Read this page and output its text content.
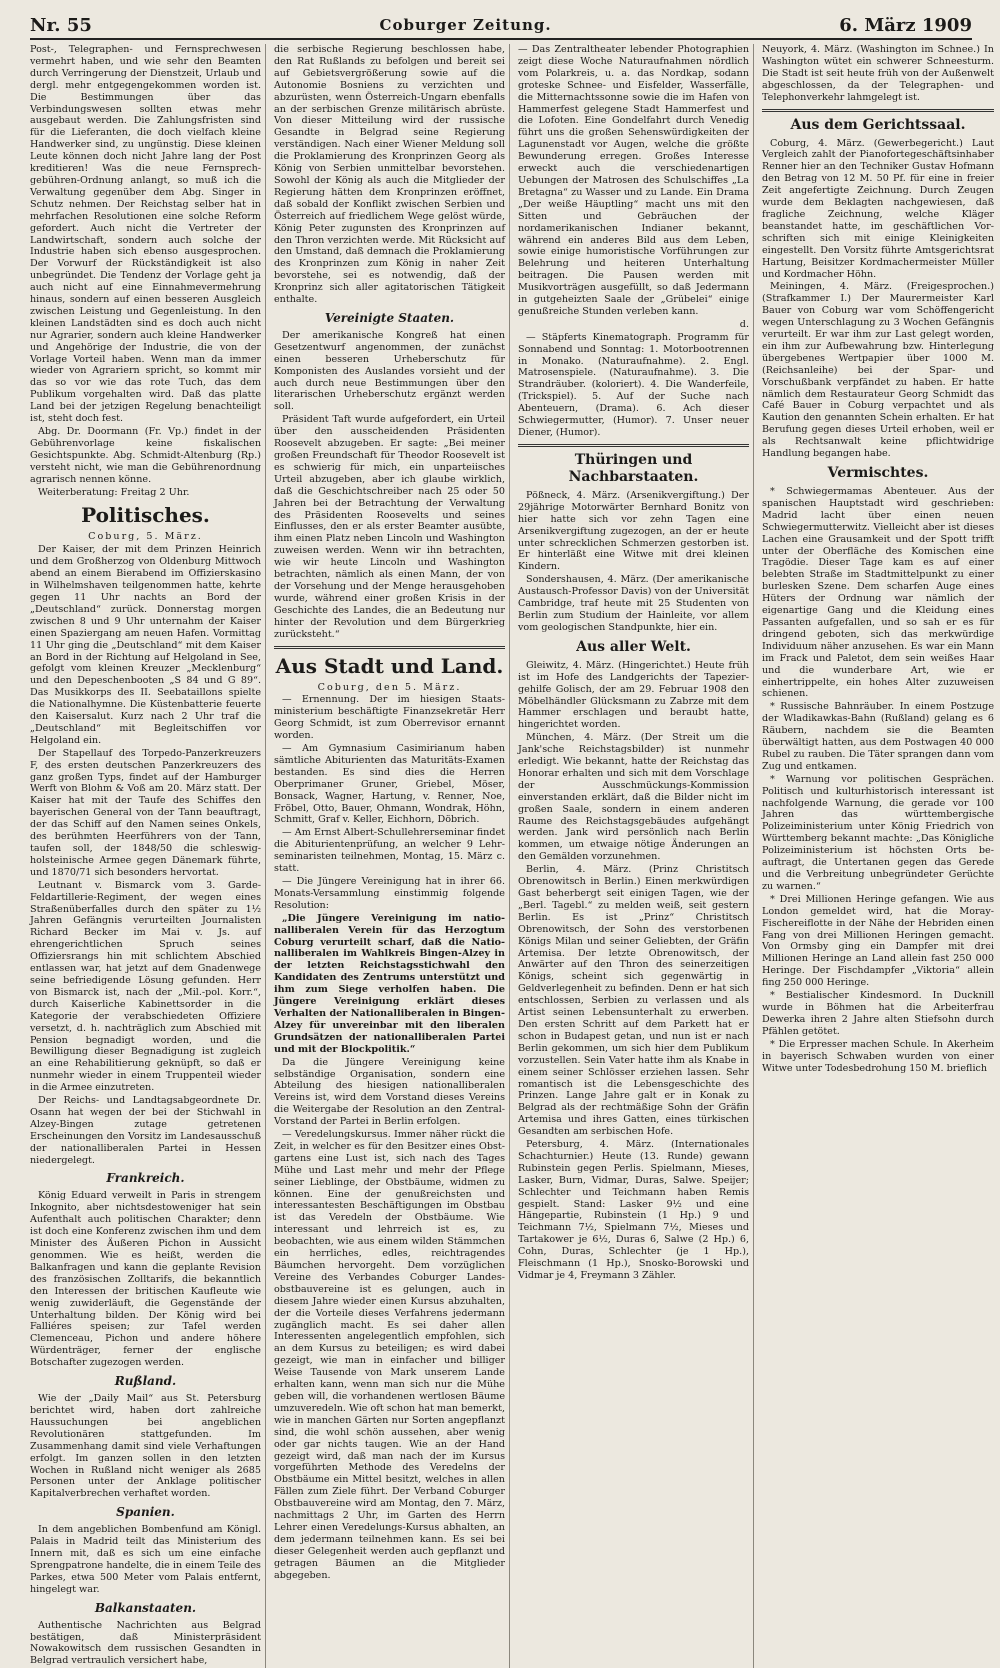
Nr. 55	Coburger Zeitung.	6. März 1909

Post-, Telegraphen- und Fernsprechwesen vermehrt haben, und wie sehr den Beamten durch Verringerung der Dienstzeit, Urlaub und dergl. mehr entgegengekommen worden ist. Die Bestimmungen über das Verbindungswesen sollten etwas mehr ausgebaut werden. Die Zahlungsfristen sind für die Lieferanten, die doch vielfach kleine Handwerker sind, zu ungünstig. Diese kleinen Leute können doch nicht Jahre lang der Post kreditieren! Was die neue Fernsprechgebühren-Ordnung anlangt, so muß ich die Verwaltung gegenüber dem Abg. Singer in Schutz nehmen. Der Reichstag selber hat in mehrfachen Resolutionen eine solche Reform gefordert. Auch nicht die Vertreter der Landwirtschaft, sondern auch solche der Industrie haben sich ebenso ausgesprochen. Der Vorwurf der Rückständigkeit ist also unbegründet. Die Tendenz der Vorlage geht ja auch nicht auf eine Einnahmevermehrung hinaus, sondern auf einen besseren Ausgleich zwischen Leistung und Gegenleistung. In den kleinen Landstädten sind es doch auch nicht nur Agrarier, sondern auch kleine Handwerker und Angehörige der Industrie, die von der Vorlage Vorteil haben. Wenn man da immer wieder von Agrariern spricht, so kommt mir das so vor wie das rote Tuch, das dem Publikum vorgehalten wird. Daß das platte Land bei der jetzigen Regelung benachteiligt ist, steht doch fest.

Abg. Dr. Doormann (Fr. Vp.) findet in der Gebührenvorlage keine fiskalischen Gesichtspunkte. Abg. Schmidt-Altenburg (Rp.) versteht nicht, wie man die Gebührenordnung agrarisch nennen könne.

Weiterberatung: Freitag 2 Uhr.

Politisches.
Coburg, 5. März.

Der Kaiser, der mit dem Prinzen Heinrich und dem Großherzog von Oldenburg Mittwoch abend an einem Bierabend im Offizierskasino in Wilhelmshaven teilgenommen hatte, kehrte gegen 11 Uhr nachts an Bord der „Deutschland“ zurück. Donnerstag morgen zwischen 8 und 9 Uhr unternahm der Kaiser einen Spaziergang am neuen Hafen. Vormittag 11 Uhr ging die „Deutschland“ mit dem Kaiser an Bord in der Richtung auf Helgoland in See, gefolgt vom kleinen Kreuzer „Mecklenburg“ und den Depeschenbooten „S 84 und G 89“. Das Musikkorps des II. Seebataillons spielte die Nationalhymne. Die Küstenbatterie feuerte den Kaisersalut. Kurz nach 2 Uhr traf die „Deutschland“ mit Begleitschiffen vor Helgoland ein.

Der Stapellauf des Torpedo-Panzerkreuzers F, des ersten deutschen Panzerkreuzers des ganz großen Typs, findet auf der Hamburger Werft von Blohm & Voß am 20. März statt. Der Kaiser hat mit der Taufe des Schiffes den bayerischen General von der Tann beauftragt, der das Schiff auf den Namen seines Onkels, des berühmten Heerführers von der Tann, taufen soll, der 1848/50 die schleswig-holsteinische Armee gegen Dänemark führte, und 1870/71 sich besonders hervortat.

Leutnant v. Bismarck vom 3. Garde-Feldartillerie-Regiment, der wegen eines Straßenüberfalles durch den später zu 1½ Jahren Gefängnis verurteilten Journalisten Richard Becker im Mai v. Js. auf ehrengerichtlichen Spruch seines Offiziersrangs hin mit schlichtem Abschied entlassen war, hat jetzt auf dem Gnadenwege seine befriedigende Lösung gefunden. Herr von Bismarck ist, nach der „Mil.-pol. Korr.“, durch Kaiserliche Kabinettsorder in die Kategorie der verabschiedeten Offiziere versetzt, d. h. nachträglich zum Abschied mit Pension begnadigt worden, und die Bewilligung dieser Begnadigung ist zugleich an eine Rehabilitierung geknüpft, so daß er nunmehr wieder in einem Truppenteil wieder in die Armee einzutreten.

Der Reichs- und Landtagsabgeordnete Dr. Osann hat wegen der bei der Stichwahl in Alzey-Bingen zutage getretenen Erscheinungen den Vorsitz im Landesausschuß der nationalliberalen Partei in Hessen niedergelegt.

Frankreich.

König Eduard verweilt in Paris in strengem Inkognito, aber nichtsdestoweniger hat sein Aufenthalt auch politischen Charakter; denn ist doch eine Konferenz zwischen ihm und dem Minister des Äußeren Pichon in Aussicht genommen. Wie es heißt, werden die Balkanfragen und kann die geplante Revision des französischen Zolltarifs, die bekanntlich den Interessen der britischen Kaufleute wie wenig zuwiderläuft, die Gegenstände der Unterhaltung bilden. Der König wird bei Falliéres speisen; zur Tafel werden Clemenceau, Pichon und andere höhere Würdenträger, ferner der englische Botschafter zugezogen werden.

Rußland.

Wie der „Daily Mail“ aus St. Petersburg berichtet wird, haben dort zahlreiche Haussuchungen bei angeblichen Revolutionären stattgefunden. Im Zusammenhang damit sind viele Verhaftungen erfolgt. Im ganzen sollen in den letzten Wochen in Rußland nicht weniger als 2685 Personen unter der Anklage politischer Kapitalverbrechen verhaftet worden.

Spanien.

In dem angeblichen Bombenfund am Königl. Palais in Madrid teilt das Ministerium des Innern mit, daß es sich um eine einfache Sprengpatrone handelte, die in einem Teile des Parkes, etwa 500 Meter vom Palais entfernt, hingelegt war.

Balkanstaaten.

Authentische Nachrichten aus Belgrad bestätigen, daß Ministerpräsident Nowakowitsch dem russischen Gesandten in Belgrad vertraulich versichert habe,

die serbische Regierung beschlossen habe, den Rat Rußlands zu befolgen und bereit sei auf Gebietsvergrößerung sowie auf die Autonomie Bosniens zu verzichten und abzurüsten, wenn Österreich-Ungarn ebenfalls an der serbischen Grenze militärisch abrüste. Von dieser Mitteilung wird der russische Gesandte in Belgrad seine Regierung verständigen. Nach einer Wiener Meldung soll die Proklamierung des Kronprinzen Georg als König von Serbien unmittelbar bevorstehen. Sowohl der König als auch die Mitglieder der Regierung hätten dem Kronprinzen eröffnet, daß sobald der Konflikt zwischen Serbien und Österreich auf friedlichem Wege gelöst würde, König Peter zugunsten des Kronprinzen auf den Thron verzichten werde. Mit Rücksicht auf den Umstand, daß demnach die Proklamierung des Kronprinzen zum König in naher Zeit bevorstehe, sei es notwendig, daß der Kronprinz sich aller agitatorischen Tätigkeit enthalte.

Vereinigte Staaten.

Der amerikanische Kongreß hat einen Gesetzentwurf angenommen, der zunächst einen besseren Urheberschutz für Komponisten des Auslandes vorsieht und der auch durch neue Bestimmungen über den literarischen Urheberschutz ergänzt werden soll.

Präsident Taft wurde aufgefordert, ein Urteil über den ausscheidenden Präsidenten Roosevelt abzugeben. Er sagte: „Bei meiner großen Freundschaft für Theodor Roosevelt ist es schwierig für mich, ein unparteiisches Urteil abzugeben, aber ich glaube wirklich, daß die Geschichtschreiber nach 25 oder 50 Jahren bei der Betrachtung der Verwaltung des Präsidenten Roosevelts und seines Einflusses, den er als erster Beamter ausübte, ihm einen Platz neben Lincoln und Washington zuweisen werden. Wenn wir ihn betrachten, wie wir heute Lincoln und Washington betrachten, nämlich als einen Mann, der von der Vorsehung und der Menge herausgehoben wurde, während einer großen Krisis in der Geschichte des Landes, die an Bedeutung nur hinter der Revolution und dem Bürgerkrieg zurücksteht.“

Aus Stadt und Land.
Coburg, den 5. März.

— Ernennung. Der im hiesigen Staatsministerium beschäftigte Finanzsekretär Herr Georg Schmidt, ist zum Oberrevisor ernannt worden.

— Am Gymnasium Casimirianum haben sämtliche Abiturienten das Maturitäts-Examen bestanden. Es sind dies die Herren Oberprimaner Gruner, Griebel, Möser, Bonsack, Wagner, Hartung, v. Renner, Noe, Fröbel, Otto, Bauer, Ohmann, Wondrak, Höhn, Schmitt, Graf v. Keller, Eichhorn, Döbrich.

— Am Ernst Albert-Schullehrerseminar findet die Abiturientenprüfung, an welcher 9 Lehrseminaristen teilnehmen, Montag, 15. März c. statt.

— Die Jüngere Vereinigung hat in ihrer 66. Monats-Versammlung einstimmig folgende Resolution:

„Die Jüngere Vereinigung im nationalliberalen Verein für das Herzogtum Coburg verurteilt scharf, daß die Nationalliberalen im Wahlkreis Bingen-Alzey in der letzten Reichstagsstichwahl den Kandidaten des Zentrums unterstützt und ihm zum Siege verholfen haben. Die Jüngere Vereinigung erklärt dieses Verhalten der Nationalliberalen in Bingen-Alzey für unvereinbar mit den liberalen Grundsätzen der nationalliberalen Partei und mit der Blockpolitik.“

Da die Jüngere Vereinigung keine selbständige Organisation, sondern eine Abteilung des hiesigen nationalliberalen Vereins ist, wird dem Vorstand dieses Vereins die Weitergabe der Resolution an den Zentral-Vorstand der Partei in Berlin erfolgen.

— Veredelungskursus. Immer näher rückt die Zeit, in welcher es für den Besitzer eines Obstgartens eine Lust ist, sich nach des Tages Mühe und Last mehr und mehr der Pflege seiner Lieblinge, der Obstbäume, widmen zu können. Eine der genußreichsten und interessantesten Beschäftigungen im Obstbau ist das Veredeln der Obstbäume. Wie interessant und lehrreich ist es, zu beobachten, wie aus einem wilden Stämmchen ein herrliches, edles, reichtragendes Bäumchen hervorgeht. Dem vorzüglichen Vereine des Verbandes Coburger Landesobstbauvereine ist es gelungen, auch in diesem Jahre wieder einen Kursus abzuhalten, der die Vorteile dieses Verfahrens jedermann zugänglich macht. Es sei daher allen Interessenten angelegentlich empfohlen, sich an dem Kursus zu beteiligen; es wird dabei gezeigt, wie man in einfacher und billiger Weise Tausende von Mark unserem Lande erhalten kann, wenn man sich nur die Mühe geben will, die vorhandenen wertlosen Bäume umzuveredeln. Wie oft schon hat man bemerkt, wie in manchen Gärten nur Sorten angepflanzt sind, die wohl schön aussehen, aber wenig oder gar nichts taugen. Wie an der Hand gezeigt wird, daß man nach der im Kursus vorgeführten Methode des Veredelns der Obstbäume ein Mittel besitzt, welches in allen Fällen zum Ziele führt. Der Verband Coburger Obstbauvereine wird am Montag, den 7. März, nachmittags 2 Uhr, im Garten des Herrn Lehrer einen Veredelungs-Kursus abhalten, an dem jedermann teilnehmen kann. Es sei bei dieser Gelegenheit werden auch gepflanzt und getragen Bäumen an die Mitglieder abgegeben.

— Das Zentraltheater lebender Photographien zeigt diese Woche Naturaufnahmen nördlich vom Polarkreis, u. a. das Nordkap, sodann groteske Schnee- und Eisfelder, Wasserfälle, die Mitternachtssonne sowie die im Hafen von Hammerfest gelegene Stadt Hammerfest und die Lofoten. Eine Gondelfahrt durch Venedig führt uns die großen Sehenswürdigkeiten der Lagunenstadt vor Augen, welche die größte Bewunderung erregen. Großes Interesse erweckt auch die verschiedenartigen Uebungen der Matrosen des Schulschiffes „La Bretagna“ zu Wasser und zu Lande. Ein Drama „Der weiße Häuptling“ macht uns mit den Sitten und Gebräuchen der nordamerikanischen Indianer bekannt, während ein anderes Bild aus dem Leben, sowie einige humoristische Vorführungen zur Belehrung und heiteren Unterhaltung beitragen. Die Pausen werden mit Musikvorträgen ausgefüllt, so daß Jedermann in gutgeheizten Saale der „Grübelei“ einige genußreiche Stunden verleben kann.

d.

— Stäpferts Kinematograph. Programm für Sonnabend und Sonntag: 1. Motorbootrennen in Monako. (Naturaufnahme). 2. Engl. Matrosenspiele. (Naturaufnahme). 3. Die Strandräuber. (koloriert). 4. Die Wanderfeile, (Trickspiel). 5. Auf der Suche nach Abenteuern, (Drama). 6. Ach dieser Schwiegermutter, (Humor). 7. Unser neuer Diener, (Humor).

Thüringen und Nachbarstaaten.

Pößneck, 4. März. (Arsenikvergiftung.) Der 29jährige Motorwärter Bernhard Bonitz von hier hatte sich vor zehn Tagen eine Arsenikvergiftung zugezogen, an der er heute unter schrecklichen Schmerzen gestorben ist. Er hinterläßt eine Witwe mit drei kleinen Kindern.

Sondershausen, 4. März. (Der amerikanische Austausch-Professor Davis) von der Universität Cambridge, traf heute mit 25 Studenten von Berlin zum Studium der Hainleite, vor allem vom geologischen Standpunkte, hier ein.

Aus aller Welt.

Gleiwitz, 4. März. (Hingerichtet.) Heute früh ist im Hofe des Landgerichts der Tapeziergehilfe Golisch, der am 29. Februar 1908 den Möbelhändler Glücksmann zu Zabrze mit dem Hammer erschlagen und beraubt hatte, hingerichtet worden.

München, 4. März. (Der Streit um die Jank'sche Reichstagsbilder) ist nunmehr erledigt. Wie bekannt, hatte der Reichstag das Honorar erhalten und sich mit dem Vorschlage der Ausschmückungs-Kommission einverstanden erklärt, daß die Bilder nicht im großen Saale, sondern in einem anderen Raume des Reichstagsgebäudes aufgehängt werden. Jank wird persönlich nach Berlin kommen, um etwaige nötige Änderungen an den Gemälden vorzunehmen.

Berlin, 4. März. (Prinz Christitsch Obrenowitsch in Berlin.) Einen merkwürdigen Gast beherbergt seit einigen Tagen, wie der „Berl. Tagebl.“ zu melden weiß, seit gestern Berlin. Es ist „Prinz“ Christitsch Obrenowitsch, der Sohn des verstorbenen Königs Milan und seiner Geliebten, der Gräfin Artemisa. Der letzte Obrenowitsch, der Anwärter auf den Thron des seinerzeitigen Königs, scheint sich gegenwärtig in Geldverlegenheit zu befinden. Denn er hat sich entschlossen, Serbien zu verlassen und als Artist seinen Lebensunterhalt zu erwerben. Den ersten Schritt auf dem Parkett hat er schon in Budapest getan, und nun ist er nach Berlin gekommen, um sich hier dem Publikum vorzustellen. Sein Vater hatte ihm als Knabe in einem seiner Schlösser erziehen lassen. Sehr romantisch ist die Lebensgeschichte des Prinzen. Lange Jahre galt er in Konak zu Belgrad als der rechtmäßige Sohn der Gräfin Artemisa und ihres Gatten, eines türkischen Gesandten am serbischen Hofe.

Petersburg, 4. März. (Internationales Schachturnier.) Heute (13. Runde) gewann Rubinstein gegen Perlis. Spielmann, Mieses, Lasker, Burn, Vidmar, Duras, Salwe. Speijer; Schlechter und Teichmann haben Remis gespielt. Stand: Lasker 9½ und eine Hängepartie, Rubinstein (1 Hp.) 9 und Teichmann 7½, Spielmann 7½, Mieses und Tartakower je 6½, Duras 6, Salwe (2 Hp.) 6, Cohn, Duras, Schlechter (je 1 Hp.), Fleischmann (1 Hp.), Snosko-Borowski und Vidmar je 4, Freymann 3 Zähler.

Neuyork, 4. März. (Washington im Schnee.) In Washington wütet ein schwerer Schneesturm. Die Stadt ist seit heute früh von der Außenwelt abgeschlossen, da der Telegraphen- und Telephonverkehr lahmgelegt ist.

Aus dem Gerichtssaal.

Coburg, 4. März. (Gewerbegericht.) Laut Vergleich zahlt der Pianofortegeschäftsinhaber Renner hier an den Techniker Gustav Hofmann den Betrag von 12 M. 50 Pf. für eine in freier Zeit angefertigte Zeichnung. Durch Zeugen wurde dem Beklagten nachgewiesen, daß fragliche Zeichnung, welche Kläger beanstandet hatte, im geschäftlichen Vorschriften sich mit einige Kleinigkeiten eingestellt. Den Vorsitz führte Amtsgerichtsrat Hartung, Beisitzer Kordmachermeister Müller und Kordmacher Höhn.

Meiningen, 4. März. (Freigesprochen.) (Strafkammer I.) Der Maurermeister Karl Bauer von Coburg war vom Schöffengericht wegen Unterschlagung zu 3 Wochen Gefängnis verurteilt. Er war ihm zur Last gelegt worden, ein ihm zur Aufbewahrung bzw. Hinterlegung übergebenes Wertpapier über 1000 M. (Reichsanleihe) bei der Spar- und Vorschußbank verpfändet zu haben. Er hatte nämlich dem Restaurateur Georg Schmidt das Café Bauer in Coburg verpachtet und als Kaution den genannten Schein erhalten. Er hat Berufung gegen dieses Urteil erhoben, weil er als Rechtsanwalt keine pflichtwidrige Handlung begangen habe.

Vermischtes.

* Schwiegermamas Abenteuer. Aus der spanischen Hauptstadt wird geschrieben: Madrid lacht über einen neuen Schwiegermutterwitz. Vielleicht aber ist dieses Lachen eine Grausamkeit und der Spott trifft unter der Oberfläche des Komischen eine Tragödie. Dieser Tage kam es auf einer belebten Straße im Stadtmittelpunkt zu einer burlesken Szene. Dem scharfen Auge eines Hüters der Ordnung war nämlich der eigenartige Gang und die Kleidung eines Passanten aufgefallen, und so sah er es für dringend geboten, sich das merkwürdige Individuum näher anzusehen. Es war ein Mann im Frack und Paletot, dem sein weißes Haar und die wunderbare Art, wie er einhertrippelte, ein hohes Alter zuzuweisen schienen.

* Russische Bahnräuber. In einem Postzuge der Wladikawkas-Bahn (Rußland) gelang es 6 Räubern, nachdem sie die Beamten überwältigt hatten, aus dem Postwagen 40 000 Rubel zu rauben. Die Täter sprangen dann vom Zug und entkamen.

* Warnung vor politischen Gesprächen. Politisch und kulturhistorisch interessant ist nachfolgende Warnung, die gerade vor 100 Jahren das württembergische Polizeiministerium unter König Friedrich von Württemberg bekannt machte: „Das Königliche Polizeiministerium ist höchsten Orts beauftragt, die Untertanen gegen das Gerede und die Verbreitung unbegründeter Gerüchte zu warnen.“

* Drei Millionen Heringe gefangen. Wie aus London gemeldet wird, hat die Moray-Fischereiflotte in der Nähe der Hebriden einen Fang von drei Millionen Heringen gemacht. Von Ormsby ging ein Dampfer mit drei Millionen Heringe an Land allein fast 250 000 Heringe. Der Fischdampfer „Viktoria“ allein fing 250 000 Heringe.

* Bestialischer Kindesmord. In Ducknill wurde in Böhmen hat die Arbeiterfrau Dewerka ihren 2 Jahre alten Stiefsohn durch Pfählen getötet.

* Die Erpresser machen Schule. In Akerheim in bayerisch Schwaben wurden von einer Witwe unter Todesbedrohung 150 M. brieflich
